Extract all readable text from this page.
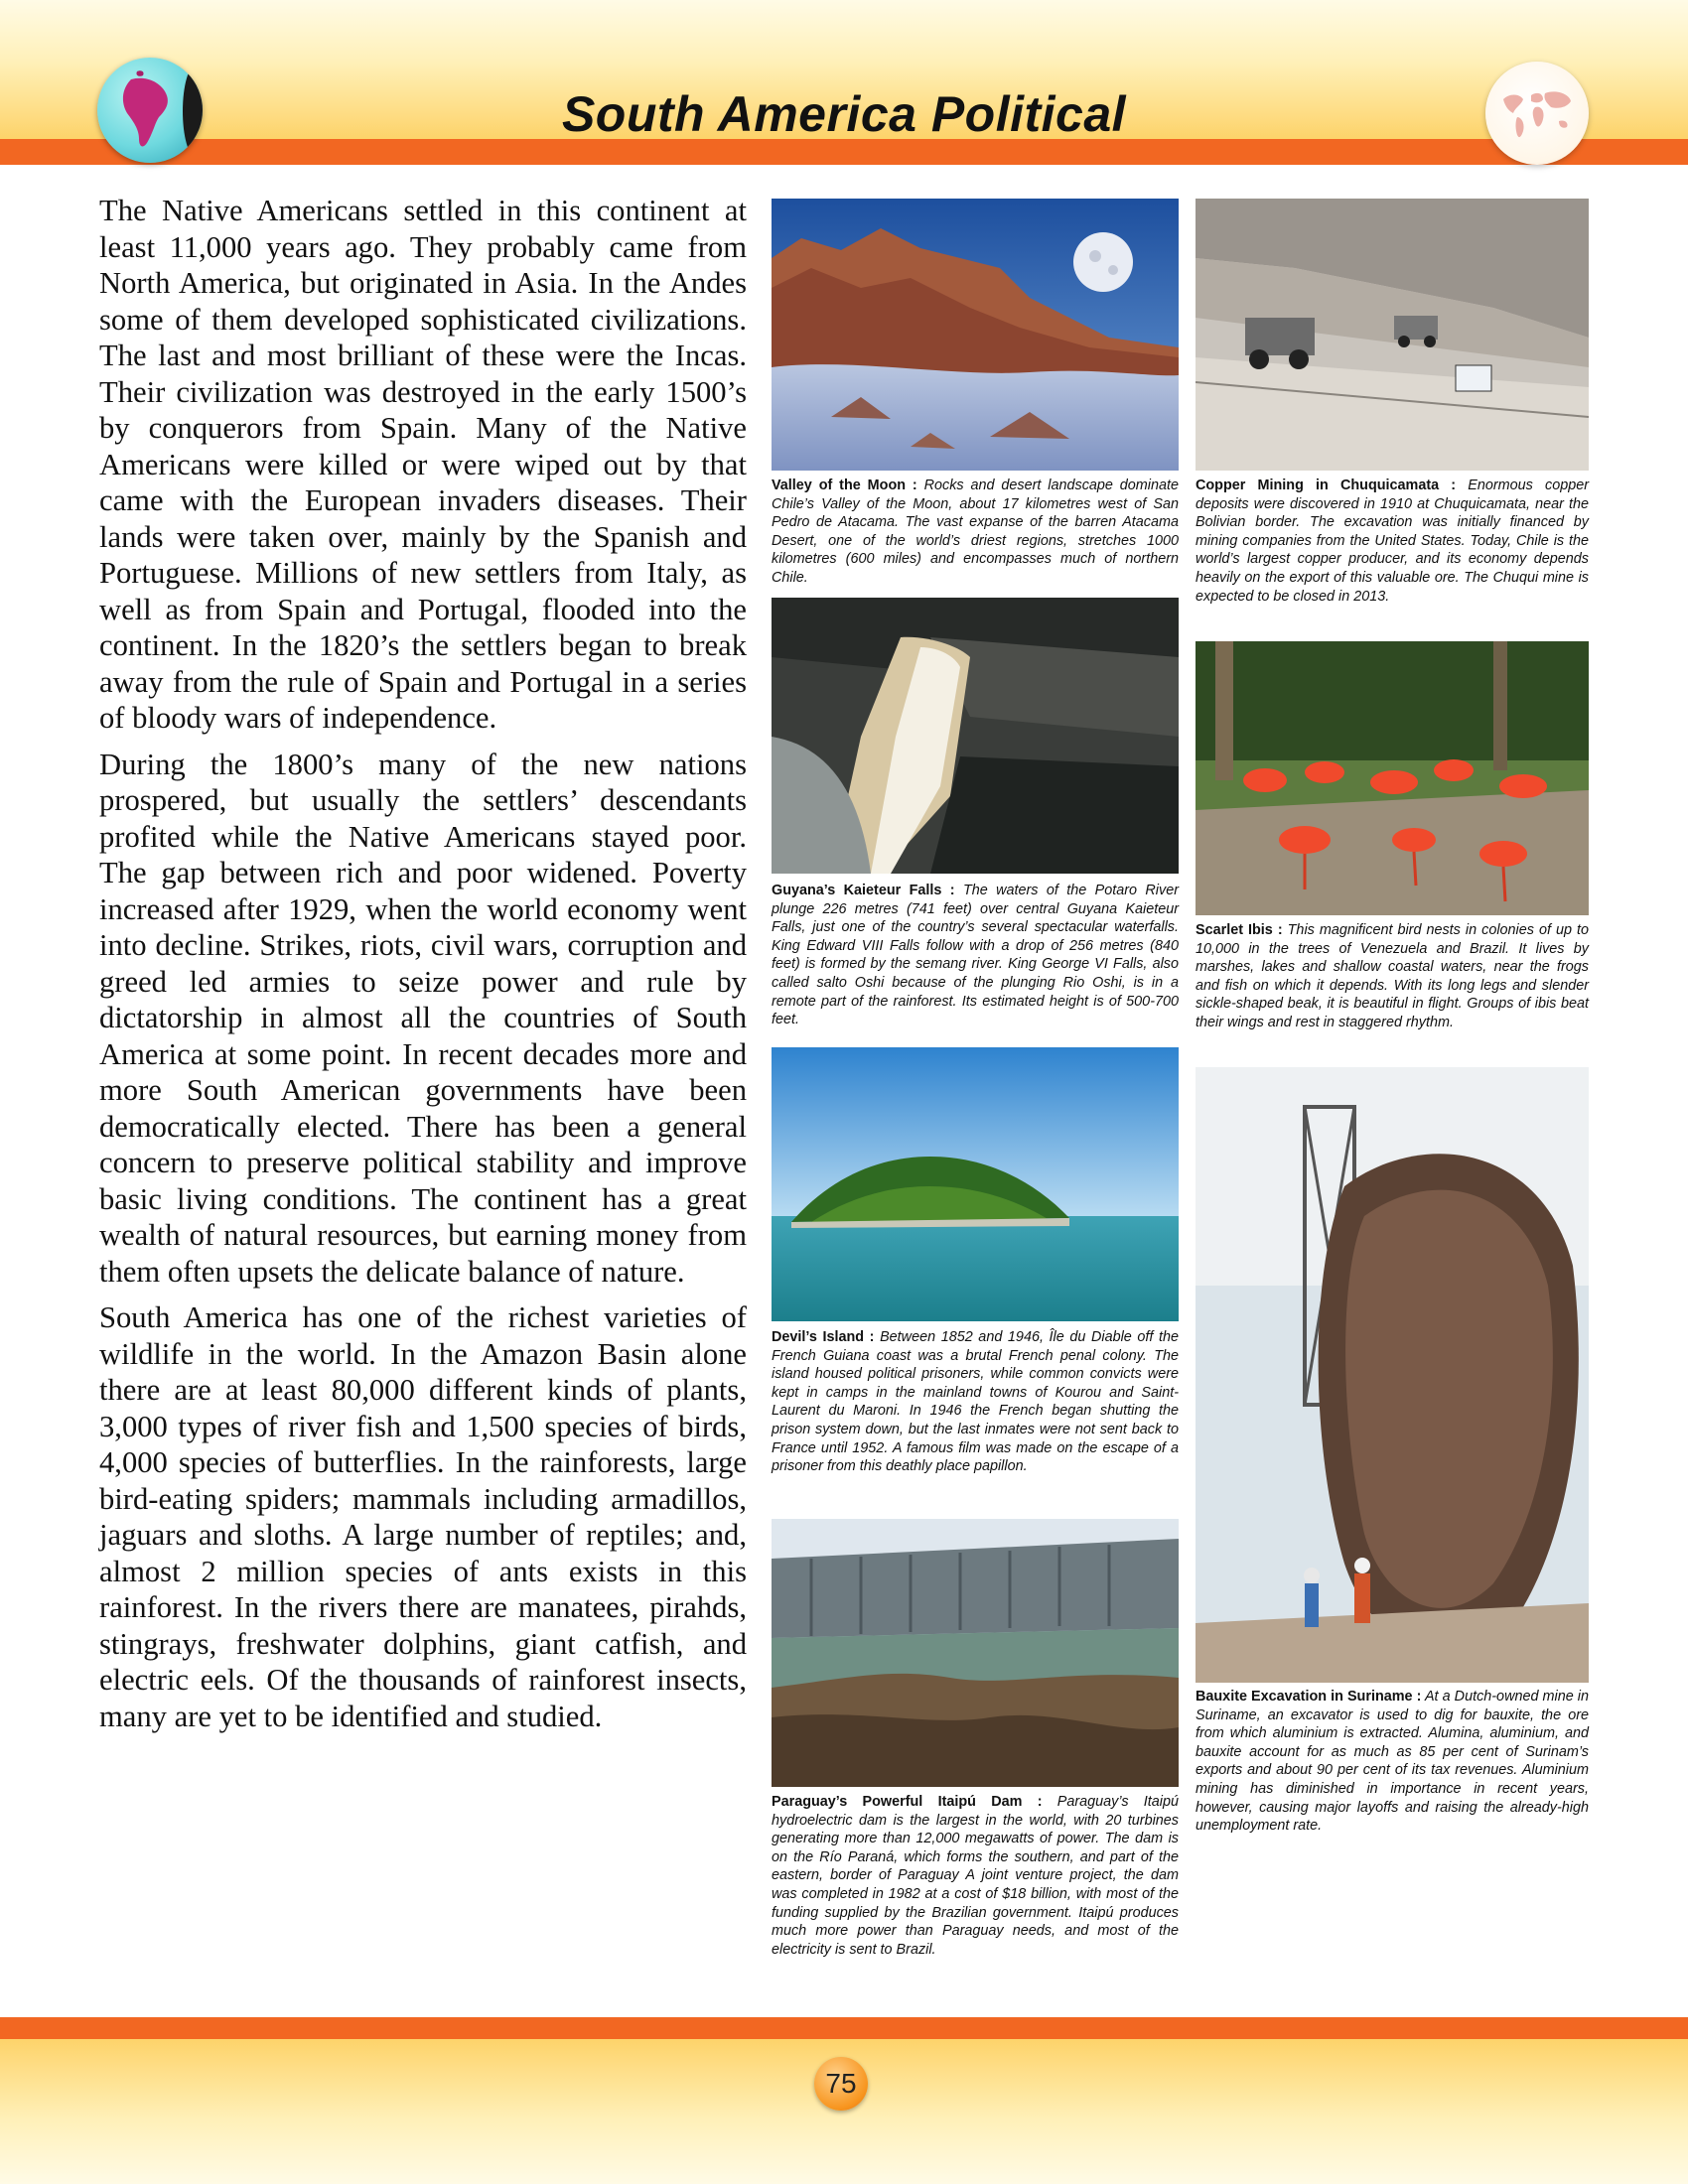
South America Political

The Native Americans settled in this continent at least 11,000 years ago. They probably came from North America, but originated in Asia. In the Andes some of them developed sophisticated civilizations. The last and most brilliant of these were the Incas. Their civilization was destroyed in the early 1500’s by conquerors from Spain. Many of the Native Americans were killed or were wiped out by that came with the European invaders diseases. Their lands were taken over, mainly by the Spanish and Portuguese. Millions of new settlers from Italy, as well as from Spain and Portugal, flooded into the continent. In the 1820’s the settlers began to break away from the rule of Spain and Portugal in a series of bloody wars of independence.

During the 1800’s many of the new nations prospered, but usually the settlers’ descendants profited while the Native Americans stayed poor. The gap between rich and poor widened. Poverty increased after 1929, when the world economy went into decline. Strikes, riots, civil wars, corruption and greed led armies to seize power and rule by dictatorship in almost all the countries of South America at some point. In recent decades more and more South American governments have been democratically elected. There has been a general concern to preserve political stability and improve basic living conditions. The continent has a great wealth of natural resources, but earning money from them often upsets the delicate balance of nature.

South America has one of the richest varieties of wildlife in the world. In the Amazon Basin alone there are at least 80,000 different kinds of plants, 3,000 types of river fish and 1,500 species of birds, 4,000 species of butterflies. In the rainforests, large bird-eating spiders; mammals including armadillos, jaguars and sloths. A large number of reptiles; and, almost 2 million species of ants exists in this rainforest. In the rivers there are manatees, pirahds, stingrays, freshwater dolphins, giant catfish, and electric eels. Of the thousands of rainforest insects, many are yet to be identified and studied.

Valley of the Moon : Rocks and desert landscape dominate Chile’s Valley of the Moon, about 17 kilometres west of San Pedro de Atacama. The vast expanse of the barren Atacama Desert, one of the world’s driest regions, stretches 1000 kilometres (600 miles) and encompasses much of northern Chile.
Copper Mining in Chuquicamata : Enormous copper deposits were discovered in 1910 at Chuquicamata, near the Bolivian border. The excavation was initially financed by mining companies from the United States. Today, Chile is the world’s largest copper producer, and its economy depends heavily on the export of this valuable ore. The Chuqui mine is expected to be closed in 2013.
Guyana’s Kaieteur Falls : The waters of the Potaro River plunge 226 metres (741 feet) over central Guyana Kaieteur Falls, just one of the country’s several spectacular waterfalls. King Edward VIII Falls follow with a drop of 256 metres (840 feet) is formed by the semang river. King George VI Falls, also called salto Oshi because of the plunging Rio Oshi, is in a remote part of the rainforest. Its estimated height is of 500-700 feet.
Scarlet Ibis : This magnificent bird nests in colonies of up to 10,000 in the trees of Venezuela and Brazil. It lives by marshes, lakes and shallow coastal waters, near the frogs and fish on which it depends. With its long legs and slender sickle-shaped beak, it is beautiful in flight. Groups of ibis beat their wings and rest in staggered rhythm.
Devil’s Island : Between 1852 and 1946, Île du Diable off the French Guiana coast was a brutal French penal colony. The island housed political prisoners, while common convicts were kept in camps in the mainland towns of Kourou and Saint-Laurent du Maroni. In 1946 the French began shutting the prison system down, but the last inmates were not sent back to France until 1952. A famous film was made on the escape of a prisoner from this deathly place papillon.
Bauxite Excavation in Suriname : At a Dutch-owned mine in Suriname, an excavator is used to dig for bauxite, the ore from which aluminium is extracted. Alumina, aluminium, and bauxite account for as much as 85 per cent of Surinam’s exports and about 90 per cent of its tax revenues. Aluminium mining has diminished in importance in recent years, however, causing major layoffs and raising the already-high unemployment rate.
Paraguay’s Powerful Itaipú Dam : Paraguay’s Itaipú hydroelectric dam is the largest in the world, with 20 turbines generating more than 12,000 megawatts of power. The dam is on the Río Paraná, which forms the southern, and part of the eastern, border of Paraguay A joint venture project, the dam was completed in 1982 at a cost of $18 billion, with most of the funding supplied by the Brazilian government. Itaipú produces much more power than Paraguay needs, and most of the electricity is sent to Brazil.
75
